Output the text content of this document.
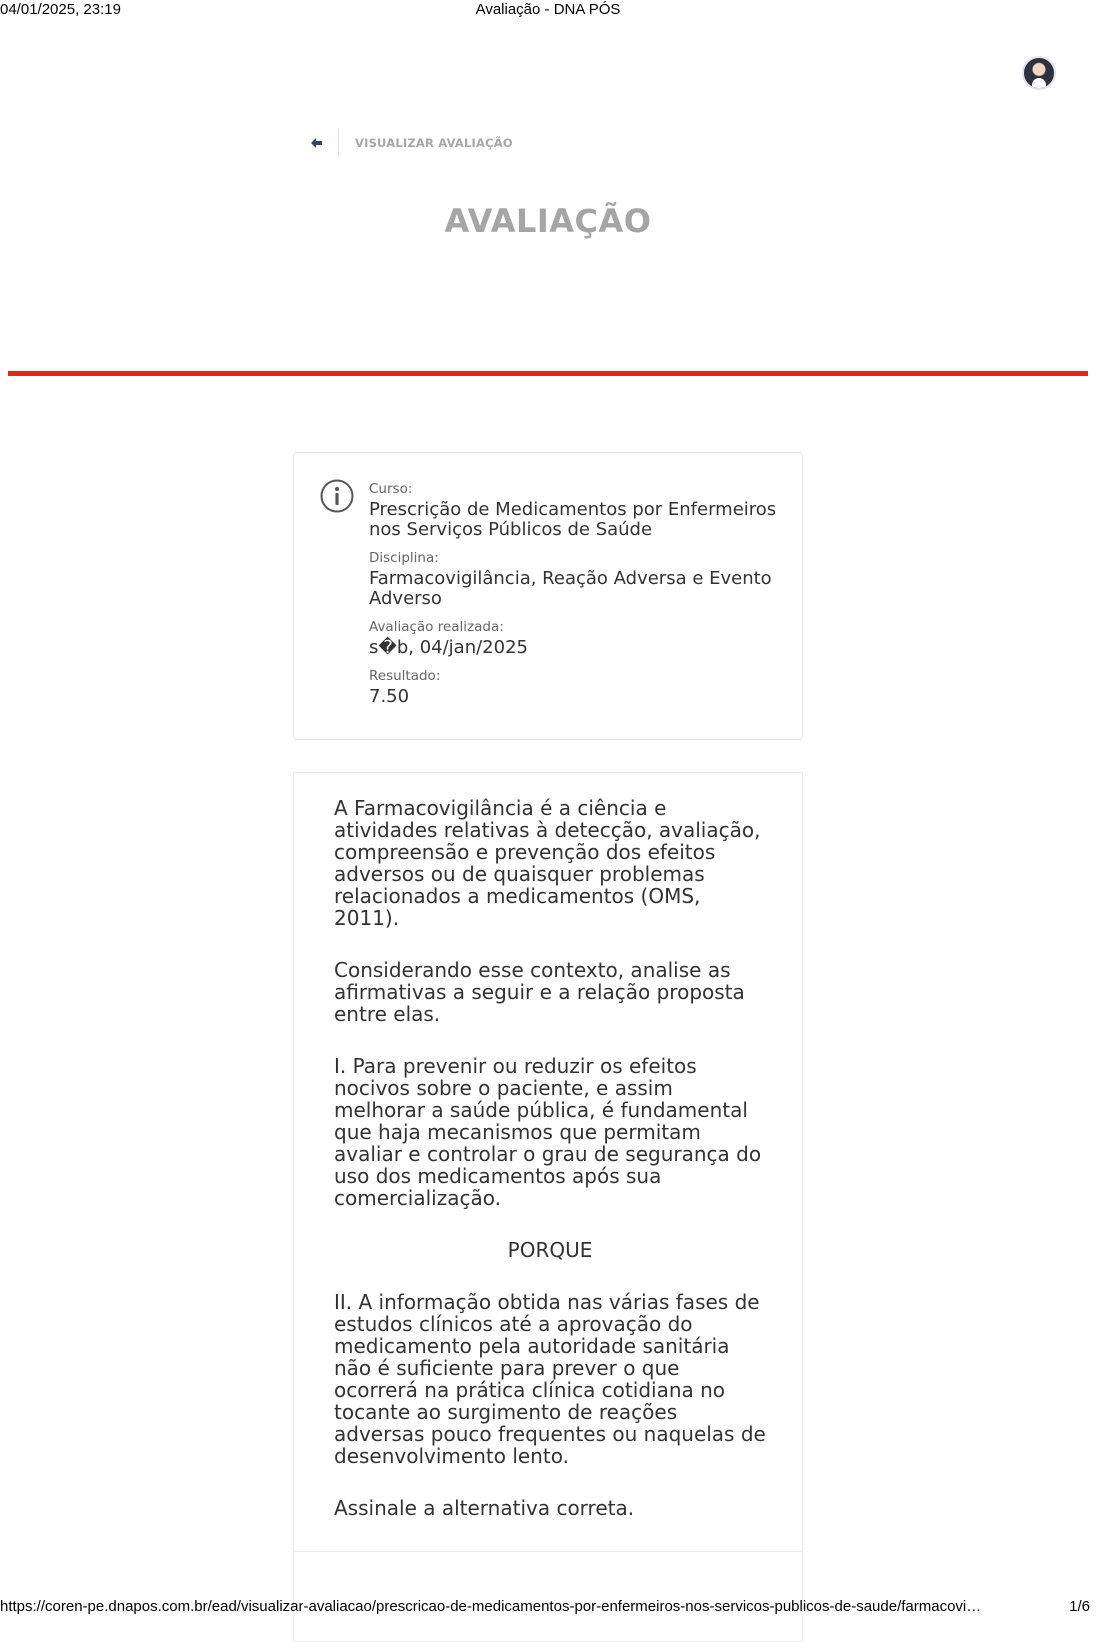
04/01/2025, 23:19	Avaliação - DNA PÓS
VISUALIZAR AVALIAÇÃO
AVALIAÇÃO
Curso:
Prescrição de Medicamentos por Enfermeiros nos Serviços Públicos de Saúde
Disciplina:
Farmacovigilância, Reação Adversa e Evento Adverso
Avaliação realizada:
s�b, 04/jan/2025
Resultado:
7.50

A Farmacovigilância é a ciência e atividades relativas à detecção, avaliação, compreensão e prevenção dos efeitos adversos ou de quaisquer problemas relacionados a medicamentos (OMS, 2011).

Considerando esse contexto, analise as afirmativas a seguir e a relação proposta entre elas.

I. Para prevenir ou reduzir os efeitos nocivos sobre o paciente, e assim melhorar a saúde pública, é fundamental que haja mecanismos que permitam avaliar e controlar o grau de segurança do uso dos medicamentos após sua comercialização.

PORQUE

II. A informação obtida nas várias fases de estudos clínicos até a aprovação do medicamento pela autoridade sanitária não é suficiente para prever o que ocorrerá na prática clínica cotidiana no tocante ao surgimento de reações adversas pouco frequentes ou naquelas de desenvolvimento lento.

Assinale a alternativa correta.

https://coren-pe.dnapos.com.br/ead/visualizar-avaliacao/prescricao-de-medicamentos-por-enfermeiros-nos-servicos-publicos-de-saude/farmacovi…	1/6
